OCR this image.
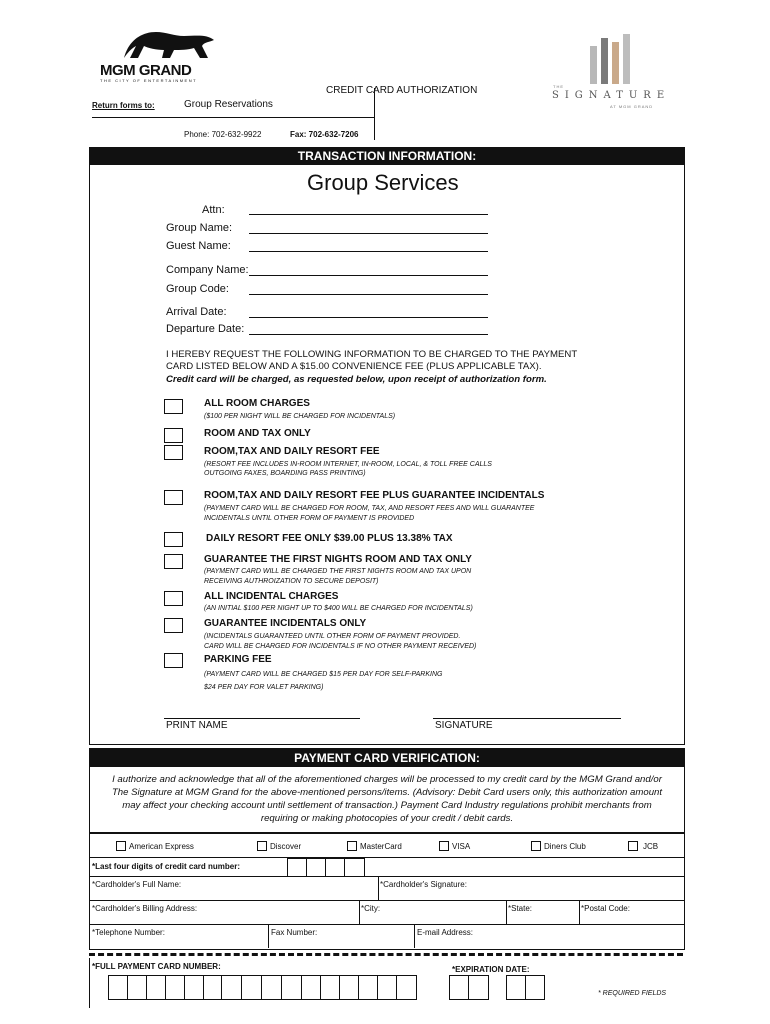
MGM GRAND
THE CITY OF ENTERTAINMENT
THE
SIGNATURE
AT MGM GRAND
CREDIT CARD AUTHORIZATION
Return forms to:	Group Reservations
Phone: 702-632-9922	Fax: 702-632-7206
TRANSACTION INFORMATION:
Group Services
Attn:
Group Name:
Guest Name:
Company Name:
Group Code:
Arrival Date:
Departure Date:
I HEREBY REQUEST THE FOLLOWING INFORMATION TO BE CHARGED TO THE PAYMENT
CARD LISTED BELOW AND A $15.00 CONVENIENCE FEE (PLUS APPLICABLE TAX).
Credit card will be charged, as requested below, upon receipt of authorization form.
ALL ROOM CHARGES
($100 PER NIGHT WILL BE CHARGED FOR INCIDENTALS)
ROOM AND TAX ONLY
ROOM,TAX AND DAILY RESORT FEE
(RESORT FEE INCLUDES IN-ROOM INTERNET, IN-ROOM, LOCAL, & TOLL FREE CALLS
OUTGOING FAXES, BOARDING PASS PRINTING)
ROOM,TAX AND DAILY RESORT FEE PLUS GUARANTEE INCIDENTALS
(PAYMENT CARD WILL BE CHARGED FOR ROOM, TAX, AND RESORT FEES AND WILL GUARANTEE
INCIDENTALS UNTIL OTHER FORM OF PAYMENT IS PROVIDED
DAILY RESORT FEE ONLY $39.00 PLUS 13.38% TAX
GUARANTEE THE FIRST NIGHTS ROOM AND TAX ONLY
(PAYMENT CARD WILL BE CHARGED THE FIRST NIGHTS ROOM AND TAX UPON
RECEIVING AUTHROIZATION TO SECURE DEPOSIT)
ALL INCIDENTAL CHARGES
(AN INITIAL $100 PER NIGHT UP TO $400 WILL BE CHARGED FOR INCIDENTALS)
GUARANTEE INCIDENTALS ONLY
(INCIDENTALS GUARANTEED UNTIL OTHER FORM OF PAYMENT PROVIDED.
CARD WILL BE CHARGED FOR INCIDENTALS IF NO OTHER PAYMENT RECEIVED)
PARKING FEE
(PAYMENT CARD WILL BE CHARGED $15 PER DAY FOR SELF-PARKING
$24 PER DAY FOR VALET PARKING)
PRINT NAME	SIGNATURE
PAYMENT CARD VERIFICATION:
I authorize and acknowledge that all of the aforementioned charges will be processed to my credit card by the MGM Grand and/or
The Signature at MGM Grand for the above-mentioned persons/items. (Advisory: Debit Card users only, this authorization amount
may affect your checking account until settlement of transaction.) Payment Card Industry regulations prohibit merchants from
requiring or making photocopies of your credit / debit cards.
American Express	Discover	MasterCard	VISA	Diners Club	JCB
*Last four digits of credit card number:
*Cardholder's Full Name:	*Cardholder's Signature:
*Cardholder's Billing Address:	*City:	*State:	*Postal Code:
*Telephone Number:	Fax Number:	E-mail Address:
*FULL PAYMENT CARD NUMBER:	*EXPIRATION DATE:
* REQUIRED FIELDS
